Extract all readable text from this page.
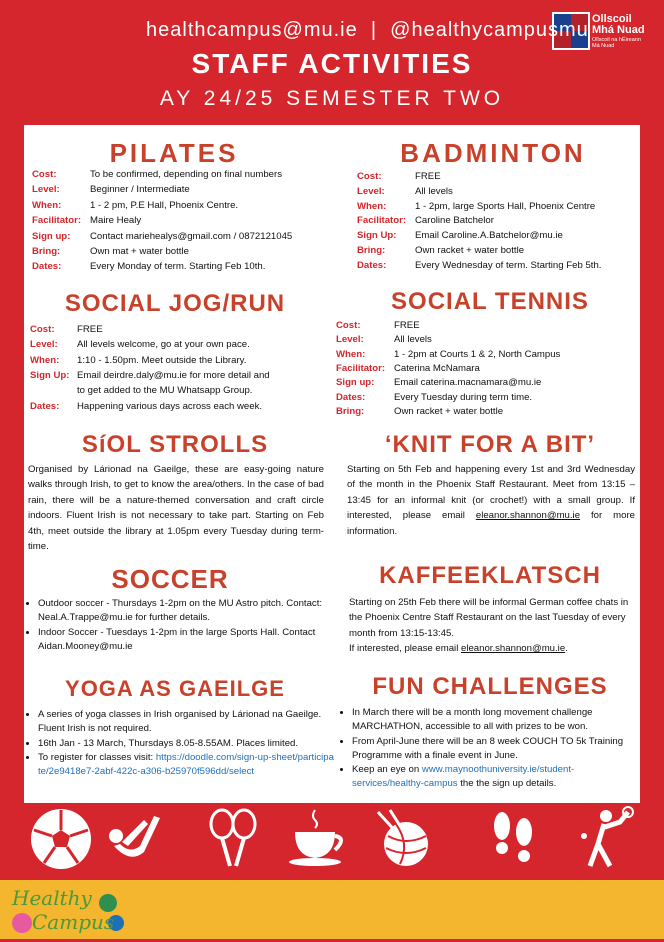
Ollscoil
Mhá Nuad
Ollscoil na hÉireann
Má Nuad
STAFF ACTIVITIES
AY 24/25 SEMESTER TWO
PILATES
Cost:	To be confirmed, depending on final numbers
Level:	Beginner / Intermediate
When:	1 - 2 pm, P.E Hall, Phoenix Centre.
Facilitator: Maire Healy
Sign up: Contact mariehealys@gmail.com / 0872121045
Bring:	Own mat + water bottle
Dates:	Every Monday of term. Starting Feb 10th.
BADMINTON
Cost:	FREE
Level:	All levels
When:	1 - 2pm, large Sports Hall, Phoenix Centre
Facilitator: Caroline Batchelor
Sign Up: Email Caroline.A.Batchelor@mu.ie
Bring:	Own racket + water bottle
Dates:	Every Wednesday of term. Starting Feb 5th.
SOCIAL JOG/RUN
Cost: FREE
Level: All levels welcome, go at your own pace.
When: 1:10 - 1.50pm. Meet outside the Library.
Sign Up: Email deirdre.daly@mu.ie for more detail and
to get added to the MU Whatsapp Group.
Dates: Happening various days across each week.
SOCIAL TENNIS
Cost:	FREE
Level:	All levels
When:	1 - 2pm at Courts 1 & 2, North Campus
Facilitator: Caterina McNamara
Sign up: Email caterina.macnamara@mu.ie
Dates:	Every Tuesday during term time.
Bring:	Own racket + water bottle
SíOL STROLLS
Organised by Lárionad na Gaeilge, these are easy-going nature walks through Irish, to get to know the area/others. In the case of bad rain, there will be a nature-themed conversation and craft circle indoors. Fluent Irish is not necessary to take part. Starting on Feb 4th, meet outside the library at 1.05pm every Tuesday during term-time.
‘KNIT FOR A BIT’
Starting on 5th Feb and happening every 1st and 3rd Wednesday of the month in the Phoenix Staff Restaurant. Meet from 13:15 – 13:45 for an informal knit (or crochet!) with a small group. If interested, please email eleanor.shannon@mu.ie for more information.
SOCCER
• Outdoor soccer - Thursdays 1-2pm on the MU Astro pitch. Contact: Neal.A.Trappe@mu.ie for further details.
• Indoor Soccer - Tuesdays 1-2pm in the large Sports Hall. Contact Aidan.Mooney@mu.ie
KAFFEEKLATSCH
Starting on 25th Feb there will be informal German coffee chats in the Phoenix Centre Staff Restaurant on the last Tuesday of every month from 13:15-13:45.
If interested, please email eleanor.shannon@mu.ie.
YOGA AS GAEILGE
• A series of yoga classes in Irish organised by Lárionad na Gaeilge. Fluent Irish is not required.
• 16th Jan - 13 March, Thursdays 8.05-8.55AM. Places limited.
• To register for classes visit: https://doodle.com/sign-up-sheet/participate/2e9418e7-2abf-422c-a306-b25970f596dd/select
FUN CHALLENGES
• In March there will be a month long movement challenge MARCHATHON, accessible to all with prizes to be won.
• From April-June there will be an 8 week COUCH TO 5k Training Programme with a finale event in June.
• Keep an eye on www.maynoothuniversity.ie/student-services/healthy-campus the the sign up details.
Healthy
Campus
healthcampus@mu.ie  |  @healthycampusmu
